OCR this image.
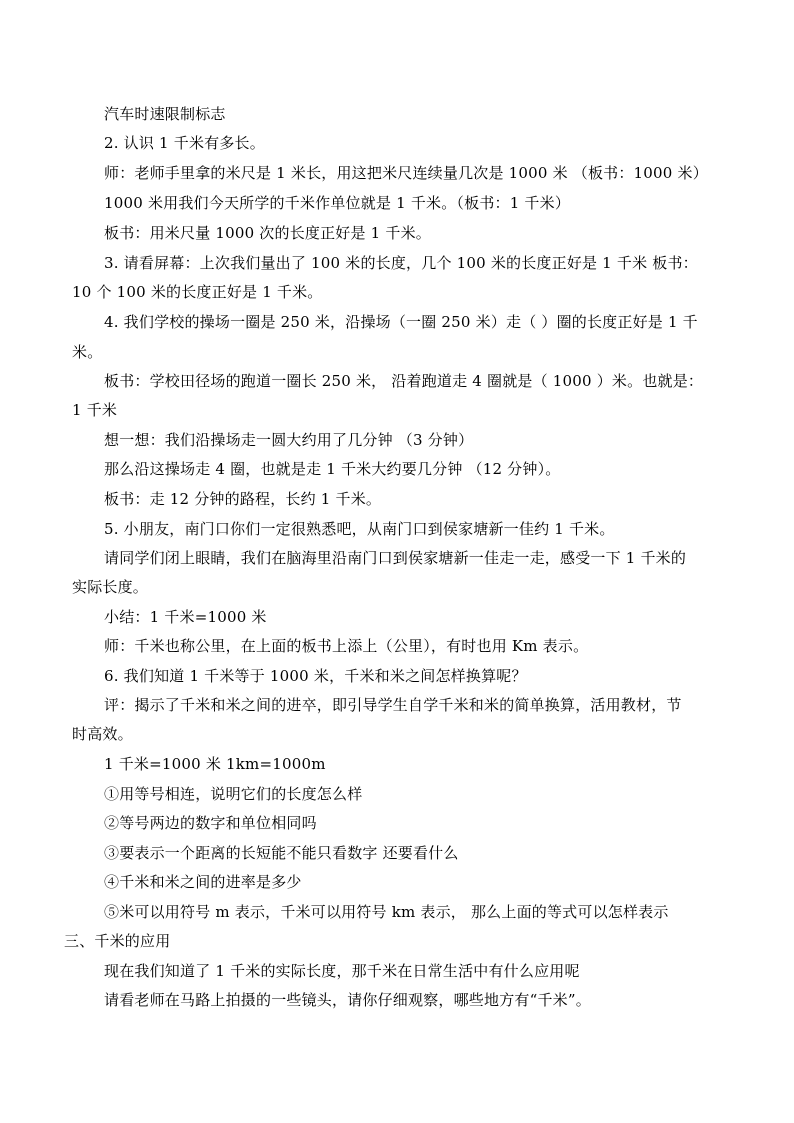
汽车时速限制标志
2. 认识 1 千米有多长。
师：老师手里拿的米尺是 1 米长，用这把米尺连续量几次是 1000 米 （板书：1000 米）
1000 米用我们今天所学的千米作单位就是 1 千米。（板书：1 千米）
板书：用米尺量 1000 次的长度正好是 1 千米。
3. 请看屏幕：上次我们量出了 100 米的长度，几个 100 米的长度正好是 1 千米 板书：
10 个 100 米的长度正好是 1 千米。
4. 我们学校的操场一圈是 250 米，沿操场（一圈 250 米）走（ ）圈的长度正好是 1 千
米。
板书：学校田径场的跑道一圈长 250 米， 沿着跑道走 4 圈就是（ 1000 ）米。也就是：
1 千米
想一想：我们沿操场走一圆大约用了几分钟 （3 分钟）
那么沿这操场走 4 圈，也就是走 1 千米大约要几分钟 （12 分钟）。
板书：走 12 分钟的路程，长约 1 千米。
5. 小朋友，南门口你们一定很熟悉吧，从南门口到侯家塘新一佳约 1 千米。
请同学们闭上眼睛，我们在脑海里沿南门口到侯家塘新一佳走一走，感受一下 1 千米的
实际长度。
小结：1 千米=1000 米
师：千米也称公里，在上面的板书上添上（公里），有时也用 Km 表示。
6. 我们知道 1 千米等于 1000 米，千米和米之间怎样换算呢？
评：揭示了千米和米之间的进卒，即引导学生自学千米和米的简单换算，活用教材，节
时高效。
1 千米=1000 米 1km=1000m
①用等号相连，说明它们的长度怎么样
②等号两边的数字和单位相同吗
③要表示一个距离的长短能不能只看数字 还要看什么
④千米和米之间的进率是多少
⑤米可以用符号 m 表示，千米可以用符号 km 表示， 那么上面的等式可以怎样表示
三、千米的应用
现在我们知道了 1 千米的实际长度，那千米在日常生活中有什么应用呢
请看老师在马路上拍摄的一些镜头，请你仔细观察，哪些地方有“千米”。
